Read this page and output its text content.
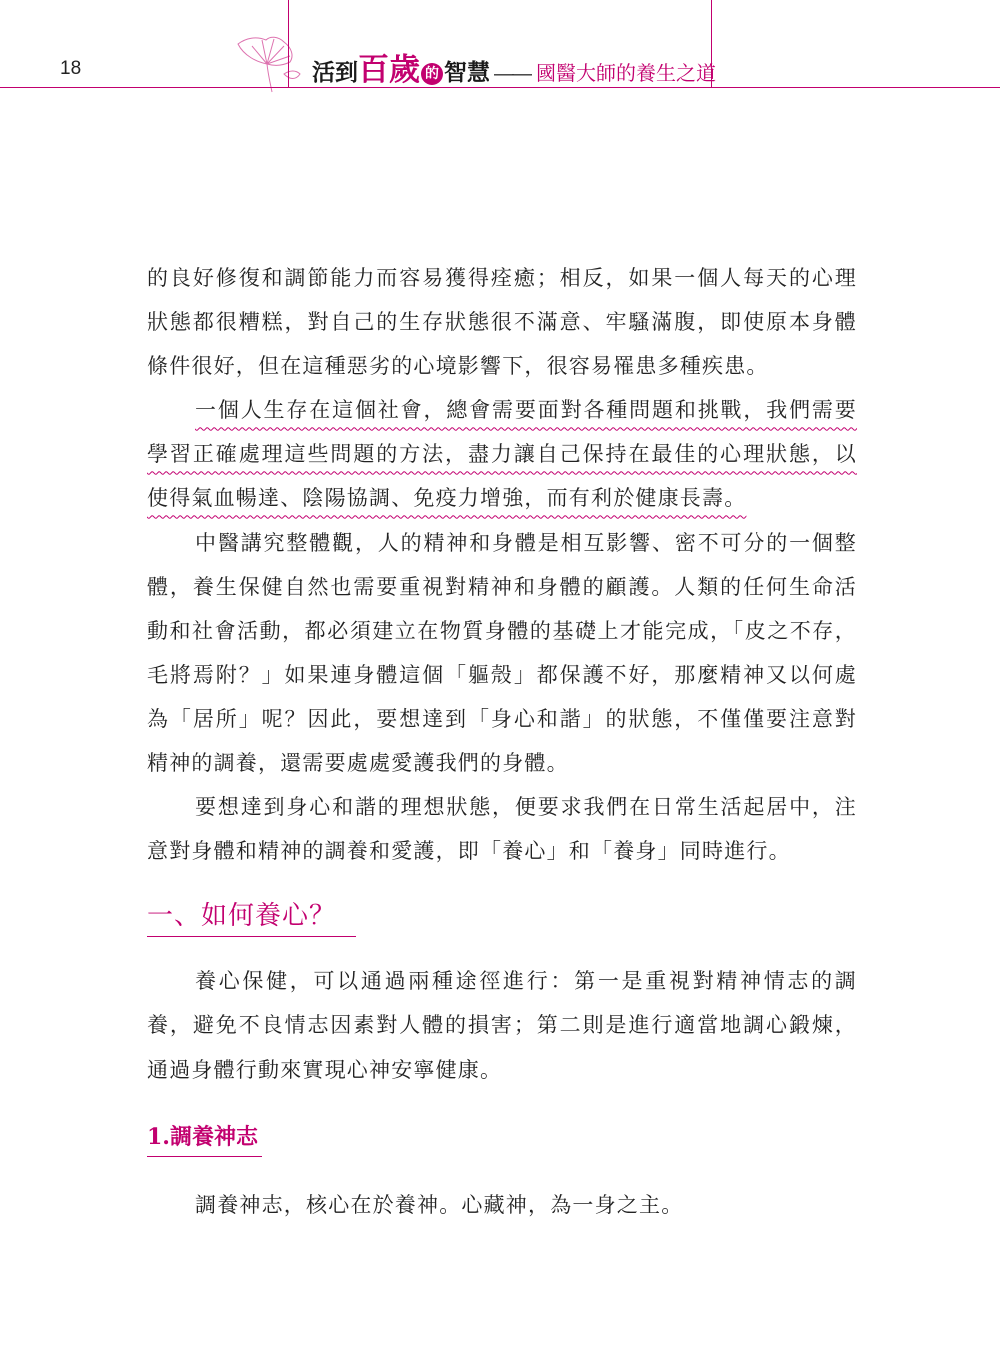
18	活到百歲 的 智慧 —— 國醫大師的養生之道

的良好修復和調節能力而容易獲得痊癒；相反，如果一個人每天的心理狀態都很糟糕，對自己的生存狀態很不滿意、牢騷滿腹，即使原本身體條件很好，但在這種惡劣的心境影響下，很容易罹患多種疾患。

一個人生存在這個社會，總會需要面對各種問題和挑戰，我們需要學習正確處理這些問題的方法，盡力讓自己保持在最佳的心理狀態，以使得氣血暢達、陰陽協調、免疫力增強，而有利於健康長壽。

中醫講究整體觀，人的精神和身體是相互影響、密不可分的一個整體，養生保健自然也需要重視對精神和身體的顧護。人類的任何生命活動和社會活動，都必須建立在物質身體的基礎上才能完成，「皮之不存，毛將焉附？」如果連身體這個「軀殼」都保護不好，那麼精神又以何處為「居所」呢？因此，要想達到「身心和諧」的狀態，不僅僅要注意對精神的調養，還需要處處愛護我們的身體。

要想達到身心和諧的理想狀態，便要求我們在日常生活起居中，注意對身體和精神的調養和愛護，即「養心」和「養身」同時進行。

一、如何養心？

養心保健，可以通過兩種途徑進行：第一是重視對精神情志的調養，避免不良情志因素對人體的損害；第二則是進行適當地調心鍛煉，通過身體行動來實現心神安寧健康。

1.調養神志

調養神志，核心在於養神。心藏神，為一身之主。
